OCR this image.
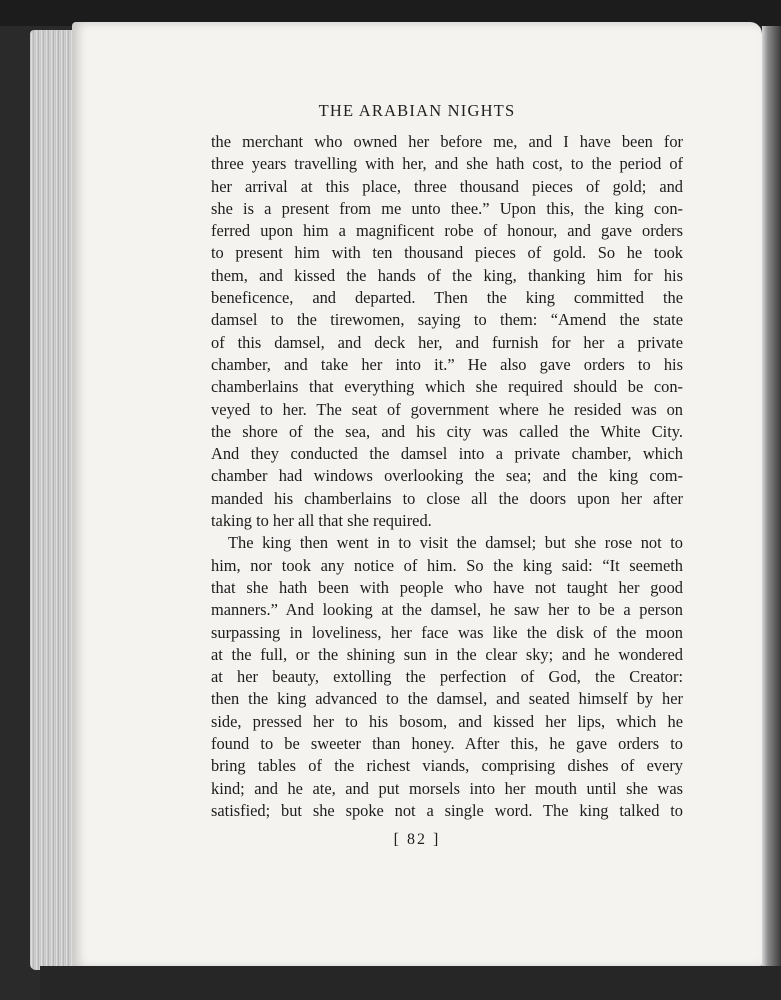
THE ARABIAN NIGHTS
the merchant who owned her before me, and I have been for
three years travelling with her, and she hath cost, to the period of
her arrival at this place, three thousand pieces of gold; and
she is a present from me unto thee.” Upon this, the king con-
ferred upon him a magnificent robe of honour, and gave orders
to present him with ten thousand pieces of gold. So he took
them, and kissed the hands of the king, thanking him for his
beneficence, and departed. Then the king committed the
damsel to the tirewomen, saying to them: “Amend the state
of this damsel, and deck her, and furnish for her a private
chamber, and take her into it.” He also gave orders to his
chamberlains that everything which she required should be con-
veyed to her. The seat of government where he resided was on
the shore of the sea, and his city was called the White City.
And they conducted the damsel into a private chamber, which
chamber had windows overlooking the sea; and the king com-
manded his chamberlains to close all the doors upon her after
taking to her all that she required.
The king then went in to visit the damsel; but she rose not to
him, nor took any notice of him. So the king said: “It seemeth
that she hath been with people who have not taught her good
manners.” And looking at the damsel, he saw her to be a person
surpassing in loveliness, her face was like the disk of the moon
at the full, or the shining sun in the clear sky; and he wondered
at her beauty, extolling the perfection of God, the Creator:
then the king advanced to the damsel, and seated himself by her
side, pressed her to his bosom, and kissed her lips, which he
found to be sweeter than honey. After this, he gave orders to
bring tables of the richest viands, comprising dishes of every
kind; and he ate, and put morsels into her mouth until she was
satisfied; but she spoke not a single word. The king talked to
[ 82 ]
